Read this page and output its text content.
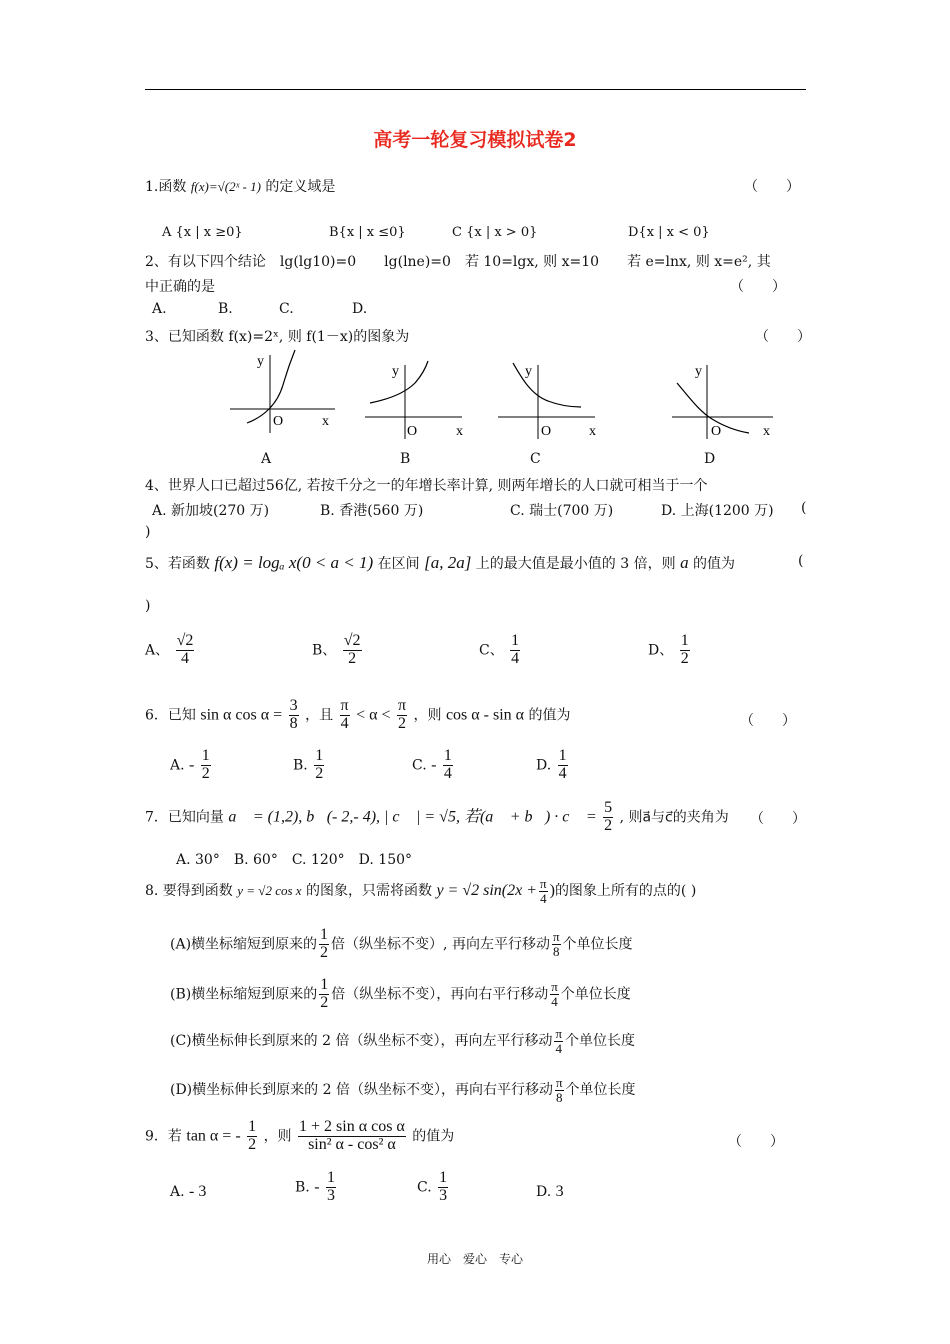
高考一轮复习模拟试卷2
1.函数 f(x)=√(2ˣ - 1) 的定义域是	（　　）
A {x | x ≥0}	B{x | x ≤0}	C {x | x > 0}	D{x | x < 0}
2、有以下四个结论　lg(lg10)=0　　lg(lne)=0　若 10=lgx, 则 x=10　　若 e=lnx, 则 x=e², 其
中正确的是	（　　）
A.	B.	C.	D.
3、已知函数 f(x)=2ˣ, 则 f(1－x)的图象为	（　　）
y
x
O
A
y
x
O
B
y
x
O
C
y
x
O
D
4、世界人口已超过56亿, 若按千分之一的年增长率计算, 则两年增长的人口就可相当于一个
A. 新加坡(270 万)	B. 香港(560 万)	C. 瑞士(700 万)	D. 上海(1200 万) (
)
5、若函数 f(x) = logₐ x(0 < a < 1) 在区间 [a, 2a] 上的最大值是最小值的 3 倍，则 a 的值为	(
)
A、 $\frac{√2}{4}$	B、 $\frac{√2}{2}$	C、 $\frac{1}{4}$	D、 $\frac{1}{2}$
6．已知 sin α $\cos \alpha = \frac{3}{8}$ ，且 $\frac{\pi}{4} < \alpha < \frac{\pi}{2}$ ，则 cos α - sin α 的值为	（　　）
A. - $\frac{1}{2}$	B. $\frac{1}{2}$	C. - $\frac{1}{4}$	D. $\frac{1}{4}$
7．已知向量 a⃗ = (1,2), b⃗(- 2,- 4), | c⃗ | = √5, 若(a⃗ + b⃗) · c⃗ = $\frac{5}{2}$ , 则a⃗与c⃗的夹角为 （　　）
A. 30°　B. 60°　C. 120°　D. 150°
8. 要得到函数 y = √2 cos x 的图象，只需将函数 y = √2 $\sin(2x + \frac{\pi}{4}$ )的图象上所有的点的( )
(A)横坐标缩短到原来的 $\frac{1}{2}$ 倍（纵坐标不变）, 再向左平行移动 $\frac{\pi}{8}$ 个单位长度
(B)横坐标缩短到原来的 $\frac{1}{2}$ 倍（纵坐标不变），再向右平行移动 $\frac{\pi}{4}$ 个单位长度
(C)横坐标伸长到原来的 2 倍（纵坐标不变），再向左平行移动 $\frac{\pi}{4}$ 个单位长度
(D)横坐标伸长到原来的 2 倍（纵坐标不变），再向右平行移动 $\frac{\pi}{8}$ 个单位长度
9．若 tan α = - $\frac{1}{2}$ ，则 $\frac{\text{1 + 2 sin α cos α}}{\text{sin² α - cos² α}}$ 的值为	（　　）
A. - 3	B. - $\frac{1}{3}$	C. $\frac{1}{3}$	D. 3
用心　爱心　专心
